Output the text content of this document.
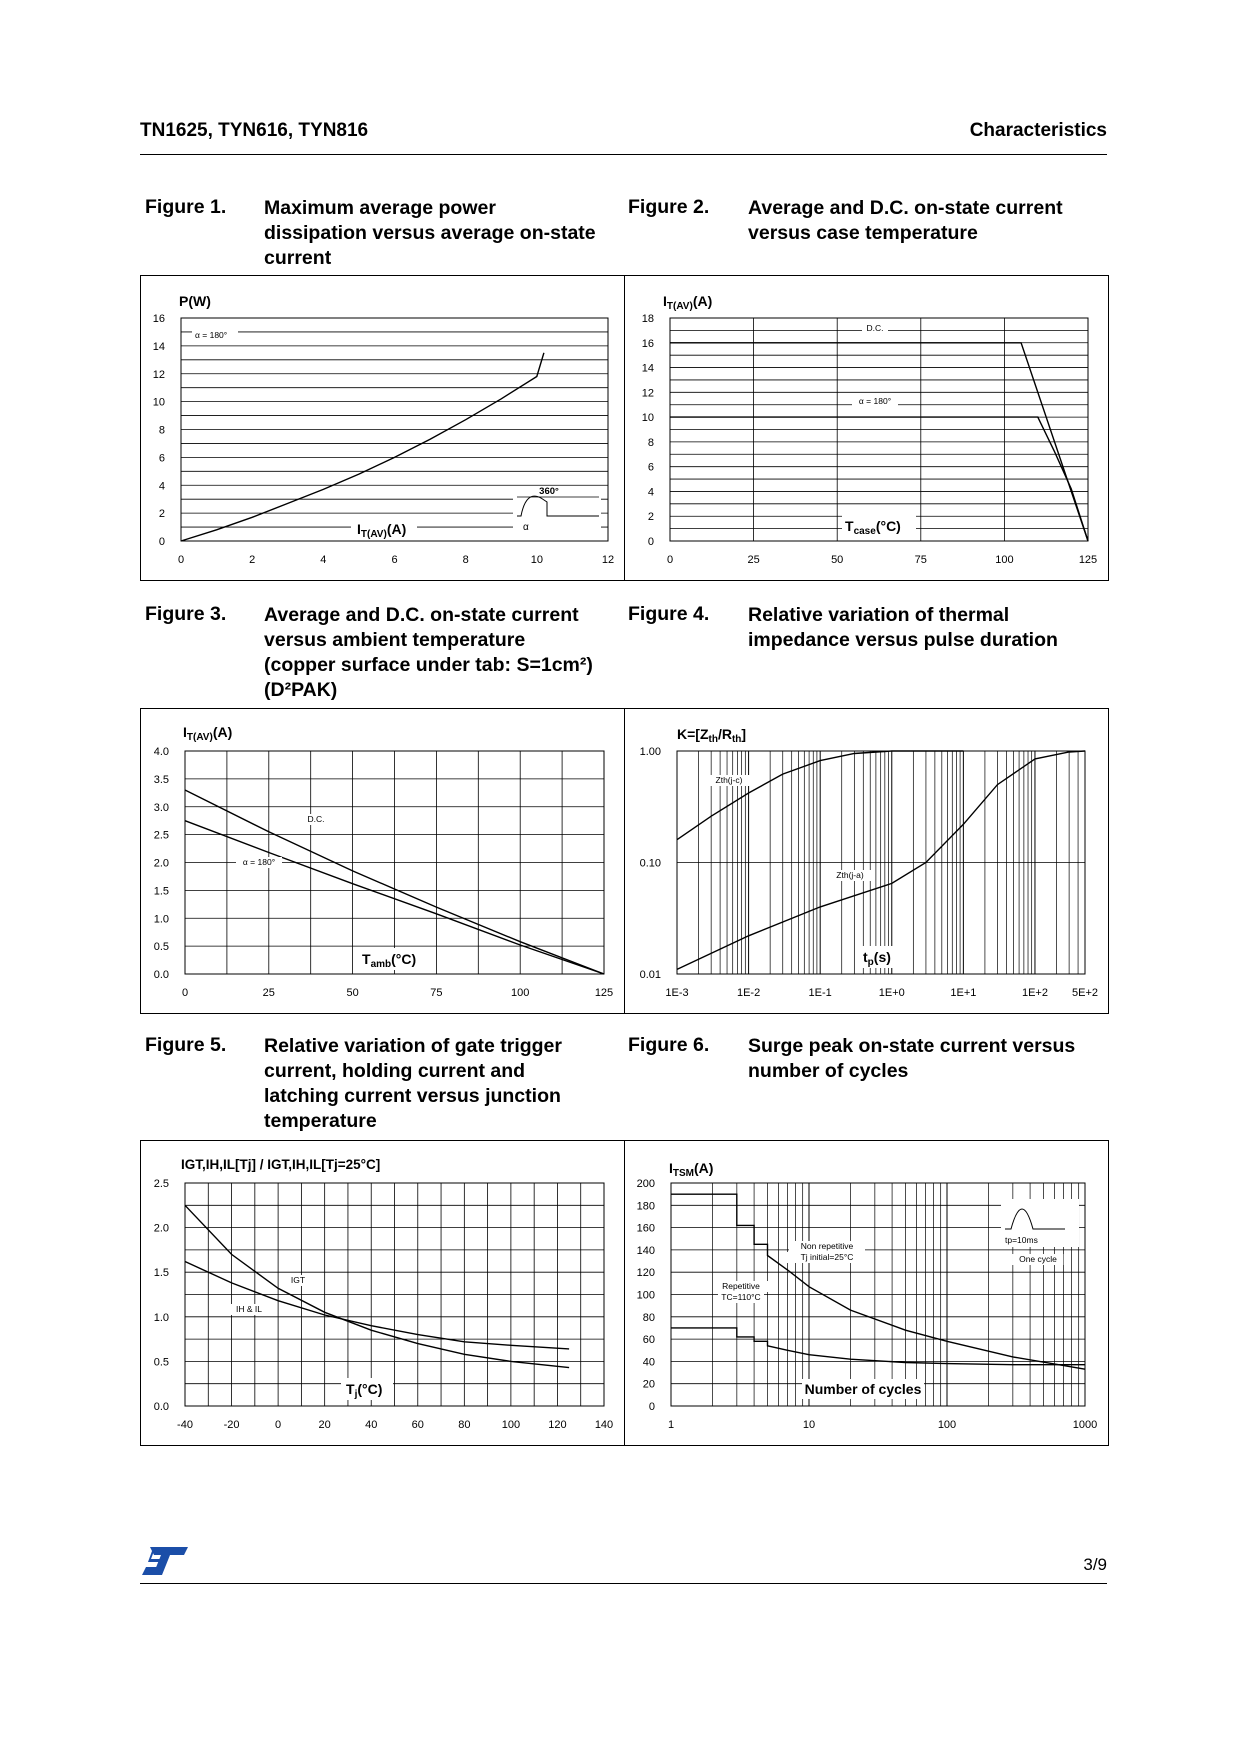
TN1625, TYN616, TYN816	Characteristics
Figure 1. Maximum average power
dissipation versus average on-state
current
Figure 2. Average and D.C. on-state current
versus case temperature
Figure 3. Average and D.C. on-state current
versus ambient temperature
(copper surface under tab: S=1cm²)
(D²PAK)
Figure 4. Relative variation of thermal
impedance versus pulse duration
Figure 5. Relative variation of gate trigger
current, holding current and
latching current versus junction
temperature
Figure 6. Surge peak on-state current versus
number of cycles
0	2	4	6	8	10	12
0
2
4
6
8
10
12
14
16
P(W)
$I_{T(AV)}(A)$
α = 180°
360°
α
0	25	50	75	100	125
0
2
4
6
8
10
12
14
16
18
$I_{T(AV)}(A)$
$T_{case}(^\circ C)$
D.C.
α = 180°
0	25	50	75	100	125
0.0
0.5
1.0
1.5
2.0
2.5
3.0
3.5
4.0
$I_{T(AV)}(A)$
$T_{amb}(^\circ C)$
D.C.
α = 180°
1E-3	1E-2	1E-1	1E+0	1E+1	1E+2 5E+2
0.01
0.10
1.00
$K=[Z_{th}/R_{th}]$
$t_p(s)$
Zth(j-c)
Zth(j-a)
-40	-20	0	20	40	60	80	100	120	140
0.0
0.5
1.0
1.5
2.0
2.5
IGT,IH,IL[Tj] / IGT,IH,IL[Tj=25°C]
$T_j(^\circ C)$
IGT
IH & IL
1	10	100	1000
0
20
40
60
80
100
120
140
160
180
200
$I_{TSM}(A)$
Number of cycles
tp=10ms
One cycle
Non repetitive
Tj initial=25°C
Repetitive
TC=110°C
3/9
